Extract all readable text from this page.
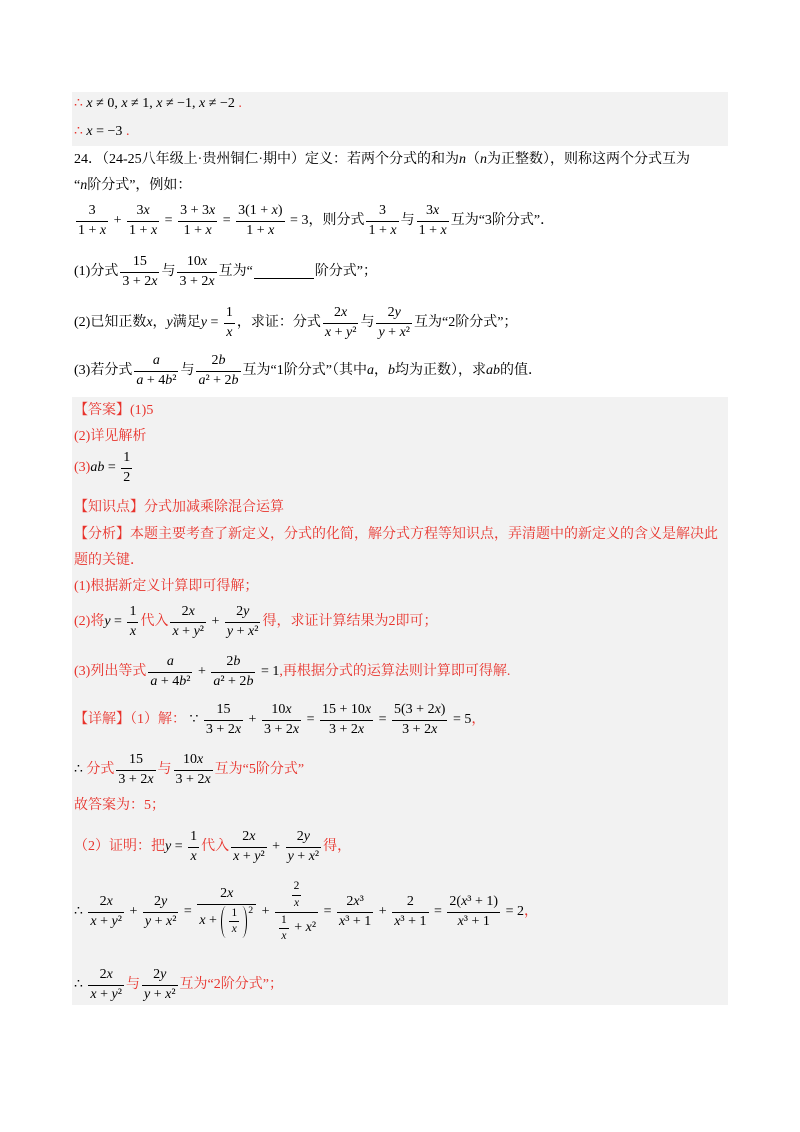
∴ x ≠ 0, x ≠ 1, x ≠ −1, x ≠ −2 .
∴ x = −3 .
24．（24-25八年级上·贵州铜仁·期中）定义：若两个分式的和为 n （ n 为正整数），则称这两个分式互为
“ n 阶分式”，例如：
$\frac{3}{1 + x} + \frac{3x}{1 + x} = \frac{3 + 3x}{1 + x} = \frac{3(1 + x)}{1 + x} = 3$ ，则分式 $\frac{3}{1 + x}$ 与 $\frac{3x}{1 + x}$ 互为“3阶分式”．
(1)分式 $\frac{15}{3 + 2x}$ 与 $\frac{10x}{3 + 2x}$ 互为“	阶分式”；
(2)已知正数 x ， y 满足 $y = \frac{1}{x}$ ，求证：分式 $\frac{2x}{\text{x + y²}}$ 与 $\frac{2y}{\text{y + x²}}$ 互为“2阶分式”；
(3)若分式 $\frac{a}{\text{a + 4b²}}$ 与 $\frac{2b}{\text{a² + 2b}}$ 互为“1阶分式”（其中 a ， b 均为正数），求 ab 的值．
【答案】(1)5
(2)详见解析
(3) ab = $\frac{1}{2}$
【知识点】分式加减乘除混合运算
【分析】本题主要考查了新定义，分式的化简，解分式方程等知识点，弄清题中的新定义的含义是解决此
题的关键．
(1)根据新定义计算即可得解；
(2)将 $y = \frac{1}{x}$ 代入 $\frac{2x}{\text{x + y²}} + \frac{2y}{\text{y + x²}}$ 得，求证计算结果为2即可；
(3)列出等式 $\frac{a}{\text{a + 4b²}} + \frac{2b}{\text{a² + 2b}} = 1$ ,再根据分式的运算法则计算即可得解.
【详解】（1）解： ∵ $\frac{15}{3 + 2x} + \frac{10x}{3 + 2x} = \frac{15 + 10x}{3 + 2x} = \frac{5(3 + 2x)}{3 + 2x} = 5$ ，
∴ 分式 $\frac{15}{3 + 2x}$ 与 $\frac{10x}{3 + 2x}$ 互为“5阶分式”
故答案为：5；
（2）证明：把 $y = \frac{1}{x}$ 代入 $\frac{2x}{\text{x + y²}} + \frac{2y}{\text{y + x²}}$ 得，
∴ $\frac{2x}{\text{x + y²}} + \frac{2y}{\text{y + x²}} = \frac{2x}{x + \frac{1}{x} 2} + \frac{\frac{2}{x}}{\frac{1}{x} + x^2} = \frac{\text{2x³}}{\text{x³ + 1}} + \frac{2}{\text{x³ + 1}} = \frac{\text{2(x³ + 1)}}{\text{x³ + 1}} = 2$ ，
∴ $\frac{2x}{\text{x + y²}}$ 与 $\frac{2y}{\text{y + x²}}$ 互为“2阶分式”；
